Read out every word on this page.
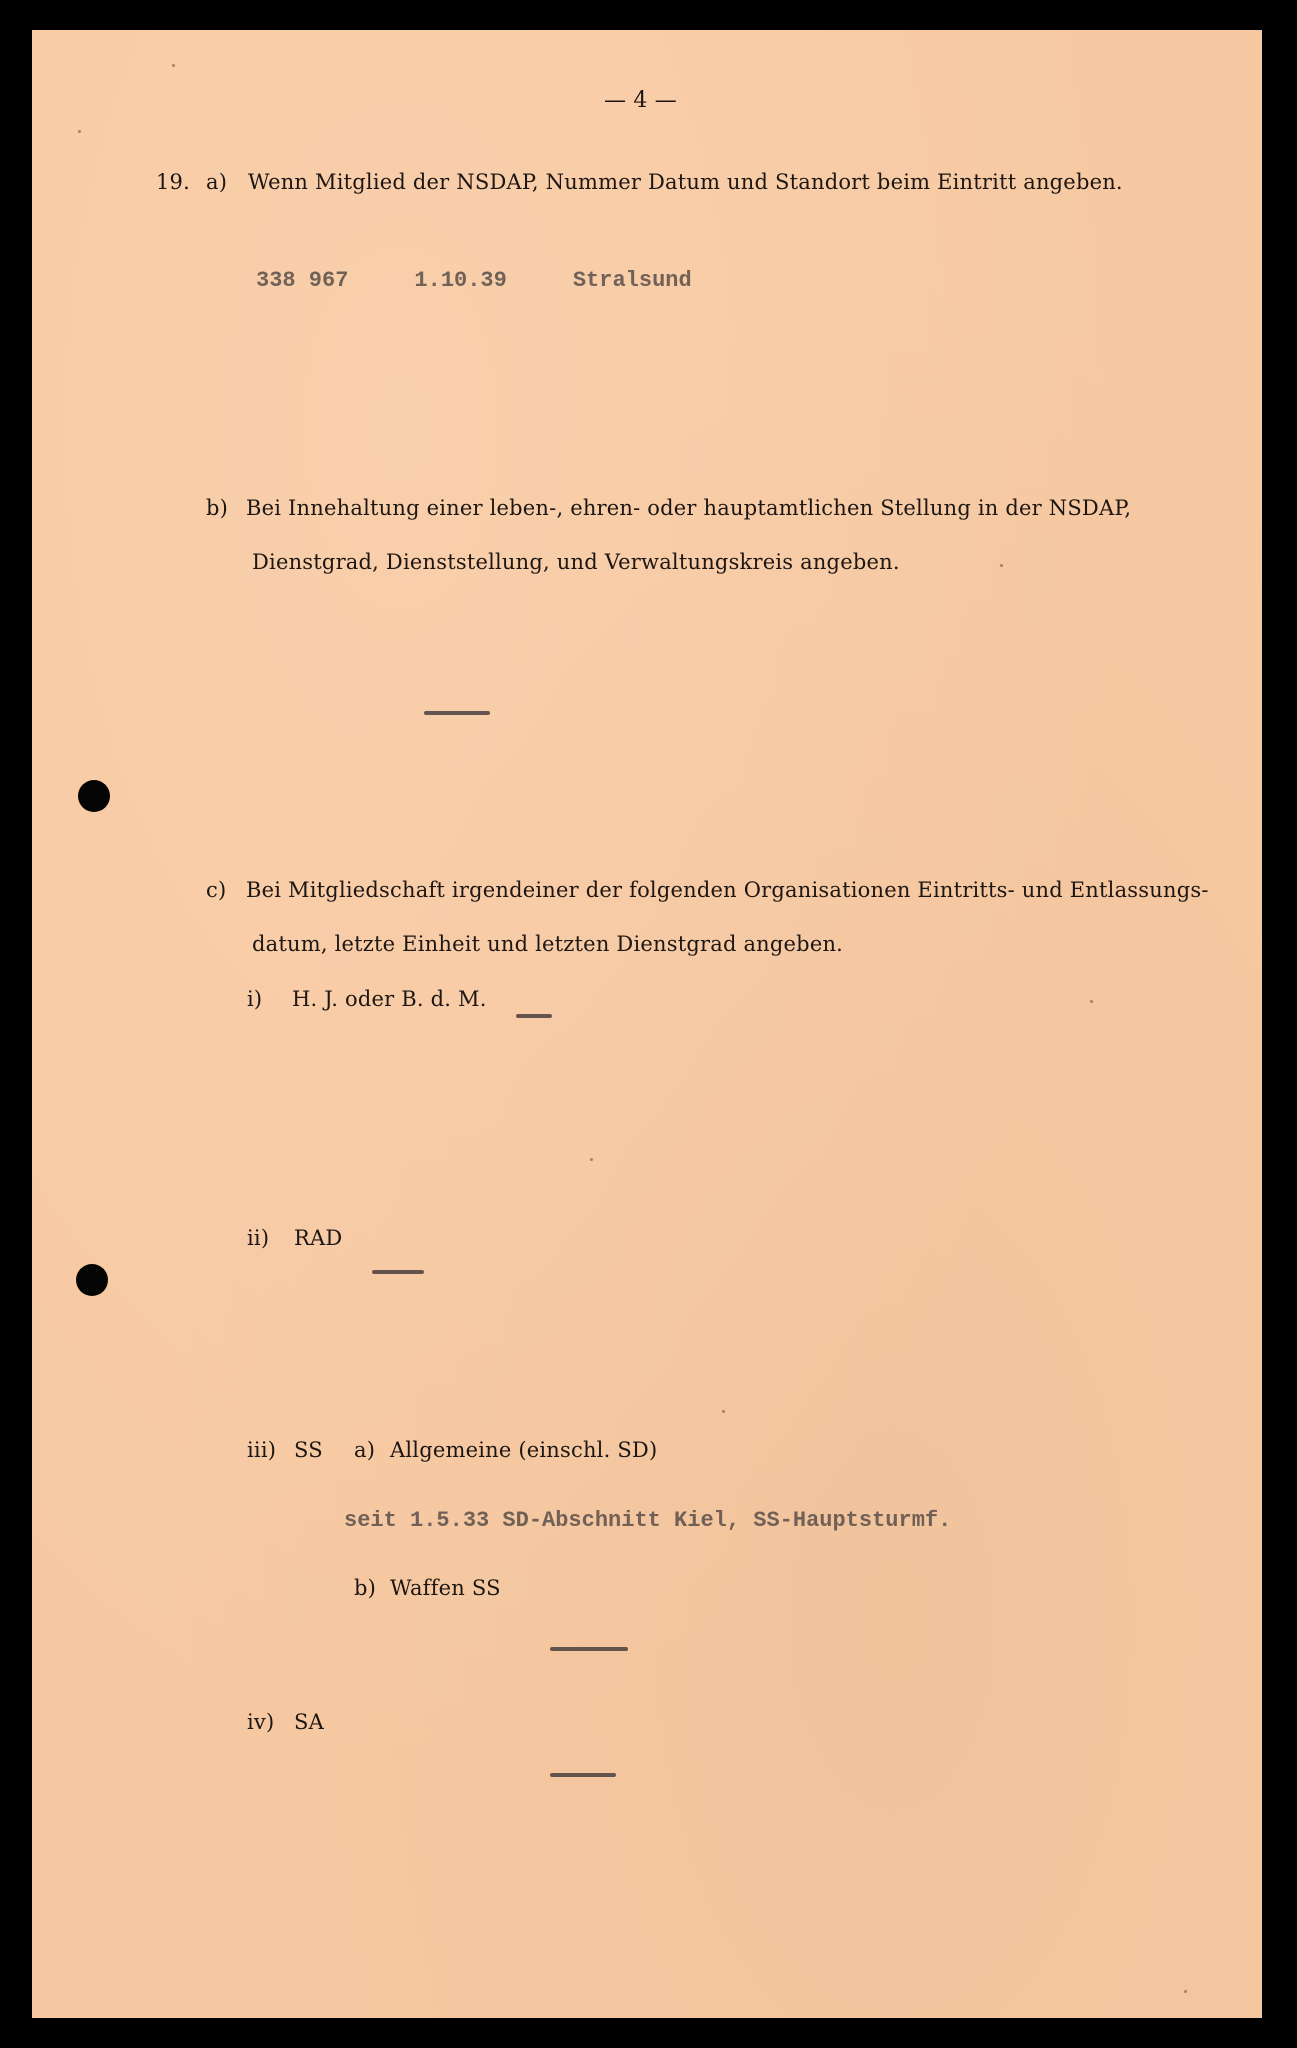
— 4 —
19. a) Wenn Mitglied der NSDAP, Nummer Datum und Standort beim Eintritt angeben.
338 967     1.10.39     Stralsund
b) Bei Innehaltung einer leben-, ehren- oder hauptamtlichen Stellung in der NSDAP,
Dienstgrad, Dienststellung, und Verwaltungskreis angeben.
c) Bei Mitgliedschaft irgendeiner der folgenden Organisationen Eintritts- und Entlassungs-
datum, letzte Einheit und letzten Dienstgrad angeben.
i) H. J. oder B. d. M.
ii) RAD
iii) SS a) Allgemeine (einschl. SD)
seit 1.5.33 SD-Abschnitt Kiel, SS-Hauptsturmf.
b) Waffen SS
iv) SA
